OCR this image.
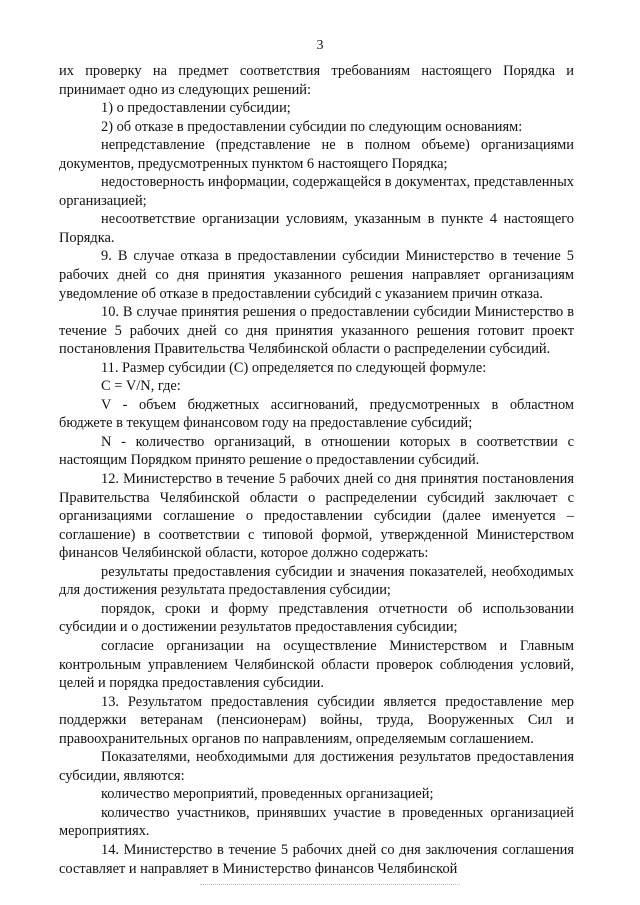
3

их проверку на предмет соответствия требованиям настоящего Порядка и принимает одно из следующих решений:

1) о предоставлении субсидии;

2) об отказе в предоставлении субсидии по следующим основаниям:

непредставление (представление не в полном объеме) организациями документов, предусмотренных пунктом 6 настоящего Порядка;

недостоверность информации, содержащейся в документах, представленных организацией;

несоответствие организации условиям, указанным в пункте 4 настоящего Порядка.

9. В случае отказа в предоставлении субсидии Министерство в течение 5 рабочих дней со дня принятия указанного решения направляет организациям уведомление об отказе в предоставлении субсидий с указанием причин отказа.

10. В случае принятия решения о предоставлении субсидии Министерство в течение 5 рабочих дней со дня принятия указанного решения готовит проект постановления Правительства Челябинской области о распределении субсидий.

11. Размер субсидии (С) определяется по следующей формуле:

С = V/N, где:

V - объем бюджетных ассигнований, предусмотренных в областном бюджете в текущем финансовом году на предоставление субсидий;

N - количество организаций, в отношении которых в соответствии с настоящим Порядком принято решение о предоставлении субсидий.

12. Министерство в течение 5 рабочих дней со дня принятия постановления Правительства Челябинской области о распределении субсидий заключает с организациями соглашение о предоставлении субсидии (далее именуется – соглашение) в соответствии с типовой формой, утвержденной Министерством финансов Челябинской области, которое должно содержать:

результаты предоставления субсидии и значения показателей, необходимых для достижения результата предоставления субсидии;

порядок, сроки и форму представления отчетности об использовании субсидии и о достижении результатов предоставления субсидии;

согласие организации на осуществление Министерством и Главным контрольным управлением Челябинской области проверок соблюдения условий, целей и порядка предоставления субсидии.

13. Результатом предоставления субсидии является предоставление мер поддержки ветеранам (пенсионерам) войны, труда, Вооруженных Сил и правоохранительных органов по направлениям, определяемым соглашением.

Показателями, необходимыми для достижения результатов предоставления субсидии, являются:

количество мероприятий, проведенных организацией;

количество участников, принявших участие в проведенных организацией мероприятиях.

14. Министерство в течение 5 рабочих дней со дня заключения соглашения составляет и направляет в Министерство финансов Челябинской
